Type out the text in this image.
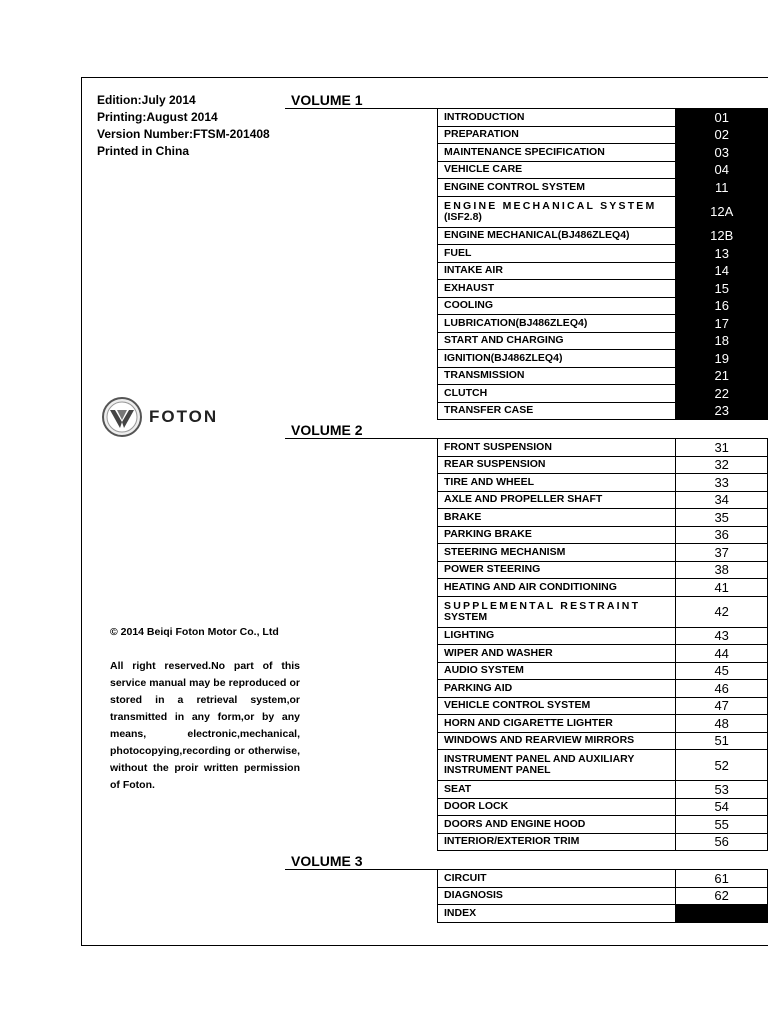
Edition:July 2014
Printing:August 2014
Version Number:FTSM-201408
Printed in China
FOTON
© 2014 Beiqi Foton Motor Co., Ltd
All right reserved.No part of this service manual may be reproduced or stored in a retrieval system,or transmitted in any form,or by any means, electronic,mechanical, photocopying,recording or otherwise, without the proir written permission of Foton.
VOLUME 1
INTRODUCTION	01
PREPARATION	02
MAINTENANCE SPECIFICATION	03
VEHICLE CARE	04
ENGINE CONTROL SYSTEM	11

ENGINE MECHANICAL SYSTEM
(ISF2.8)	12A
ENGINE MECHANICAL(BJ486ZLEQ4)	12B
FUEL	13
INTAKE AIR	14
EXHAUST	15
COOLING	16
LUBRICATION(BJ486ZLEQ4)	17
START AND CHARGING	18
IGNITION(BJ486ZLEQ4)	19
TRANSMISSION	21
CLUTCH	22
TRANSFER CASE	23
VOLUME 2
FRONT SUSPENSION	31
REAR SUSPENSION	32
TIRE AND WHEEL	33
AXLE AND PROPELLER SHAFT	34
BRAKE	35
PARKING BRAKE	36
STEERING MECHANISM	37
POWER STEERING	38
HEATING AND AIR CONDITIONING	41

SUPPLEMENTAL RESTRAINT
SYSTEM	42
LIGHTING	43
WIPER AND WASHER	44
AUDIO SYSTEM	45
PARKING AID	46
VEHICLE CONTROL SYSTEM	47
HORN AND CIGARETTE LIGHTER	48
WINDOWS AND REARVIEW MIRRORS	51

INSTRUMENT PANEL AND AUXILIARY
INSTRUMENT PANEL	52
SEAT	53
DOOR LOCK	54
DOORS AND ENGINE HOOD	55
INTERIOR/EXTERIOR TRIM	56
VOLUME 3
CIRCUIT	61
DIAGNOSIS	62
INDEX	
